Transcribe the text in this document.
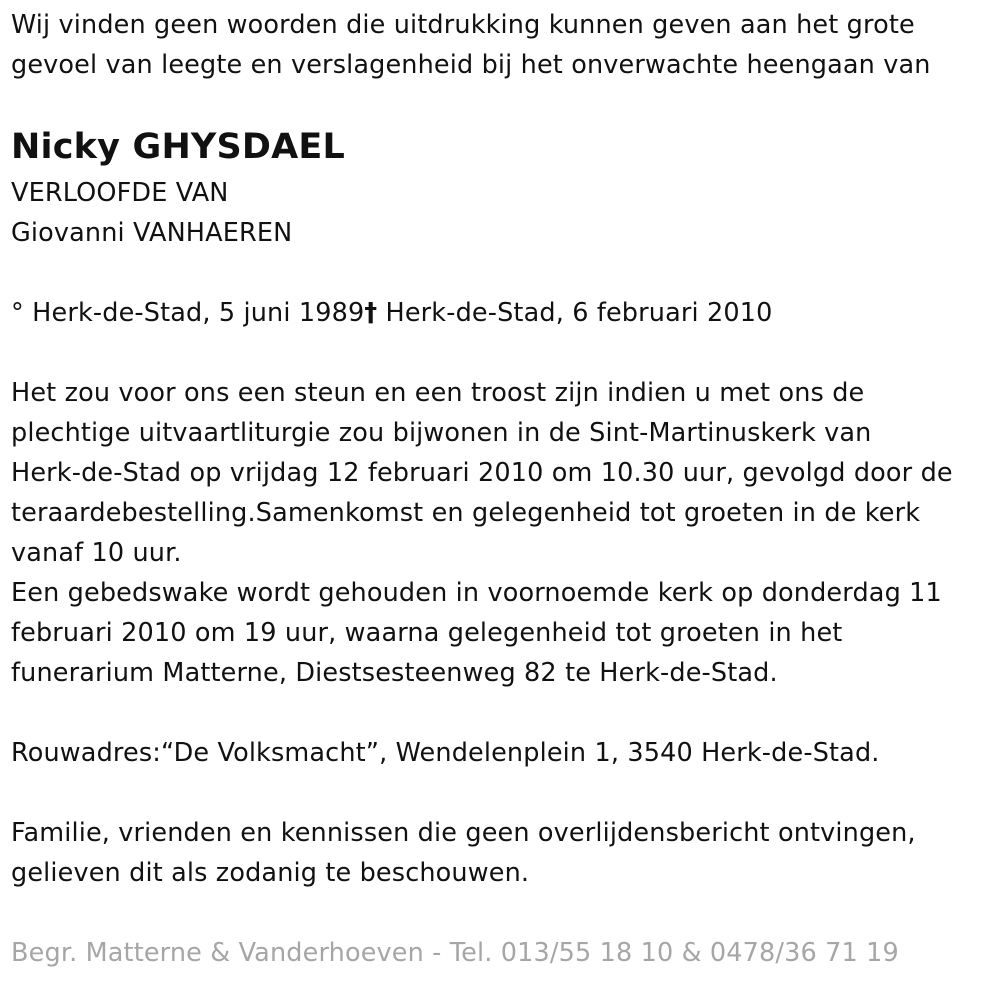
Wij vinden geen woorden die uitdrukking kunnen geven aan het grote
gevoel van leegte en verslagenheid bij het onverwachte heengaan van
Nicky GHYSDAEL
VERLOOFDE VAN
Giovanni VANHAEREN
° Herk-de-Stad, 5 juni 1989† Herk-de-Stad, 6 februari 2010
Het zou voor ons een steun en een troost zijn indien u met ons de
plechtige uitvaartliturgie zou bijwonen in de Sint-Martinuskerk van
Herk-de-Stad op vrijdag 12 februari 2010 om 10.30 uur, gevolgd door de
teraardebestelling.Samenkomst en gelegenheid tot groeten in de kerk
vanaf 10 uur.
Een gebedswake wordt gehouden in voornoemde kerk op donderdag 11
februari 2010 om 19 uur, waarna gelegenheid tot groeten in het
funerarium Matterne, Diestsesteenweg 82 te Herk-de-Stad.
Rouwadres:“De Volksmacht”, Wendelenplein 1, 3540 Herk-de-Stad.
Familie, vrienden en kennissen die geen overlijdensbericht ontvingen,
gelieven dit als zodanig te beschouwen.
Begr. Matterne & Vanderhoeven - Tel. 013/55 18 10 & 0478/36 71 19
